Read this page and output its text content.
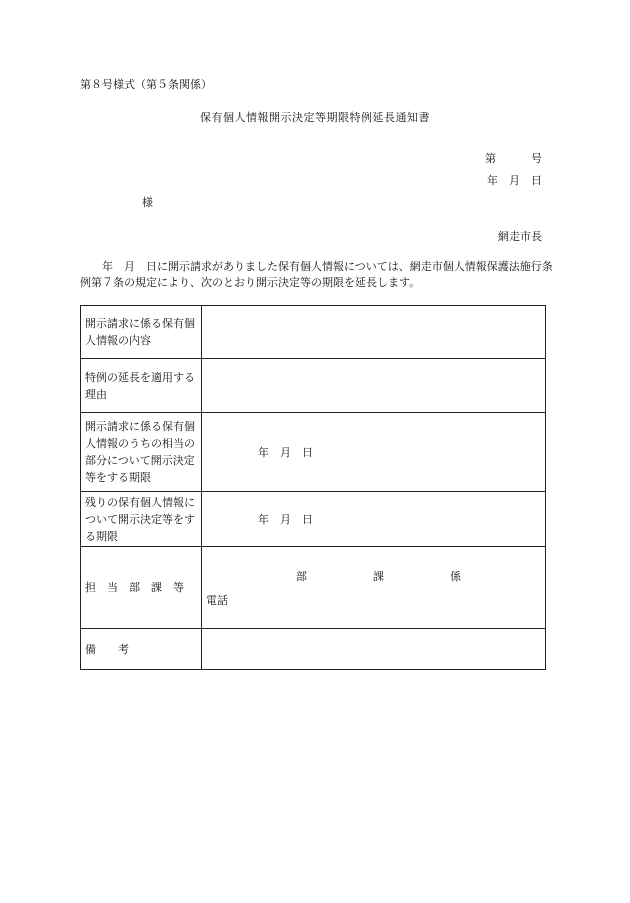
第８号様式（第５条関係）
保有個人情報開示決定等期限特例延長通知書
第	号
年　月　日
様
網走市長
　　年　月　日に開示請求がありました保有個人情報については、網走市個人情報保護法施行条例第７条の規定により、次のとおり開示決定等の期限を延長します。
開示請求に係る保有個人情報の内容	
特例の延長を適用する理由	
開示請求に係る保有個人情報のうちの相当の部分について開示決定等をする期限	年　月　日
残りの保有個人情報について開示決定等をする期限	年　月　日
担　当　部　課　等	部 課 係
電話

備　　考	
